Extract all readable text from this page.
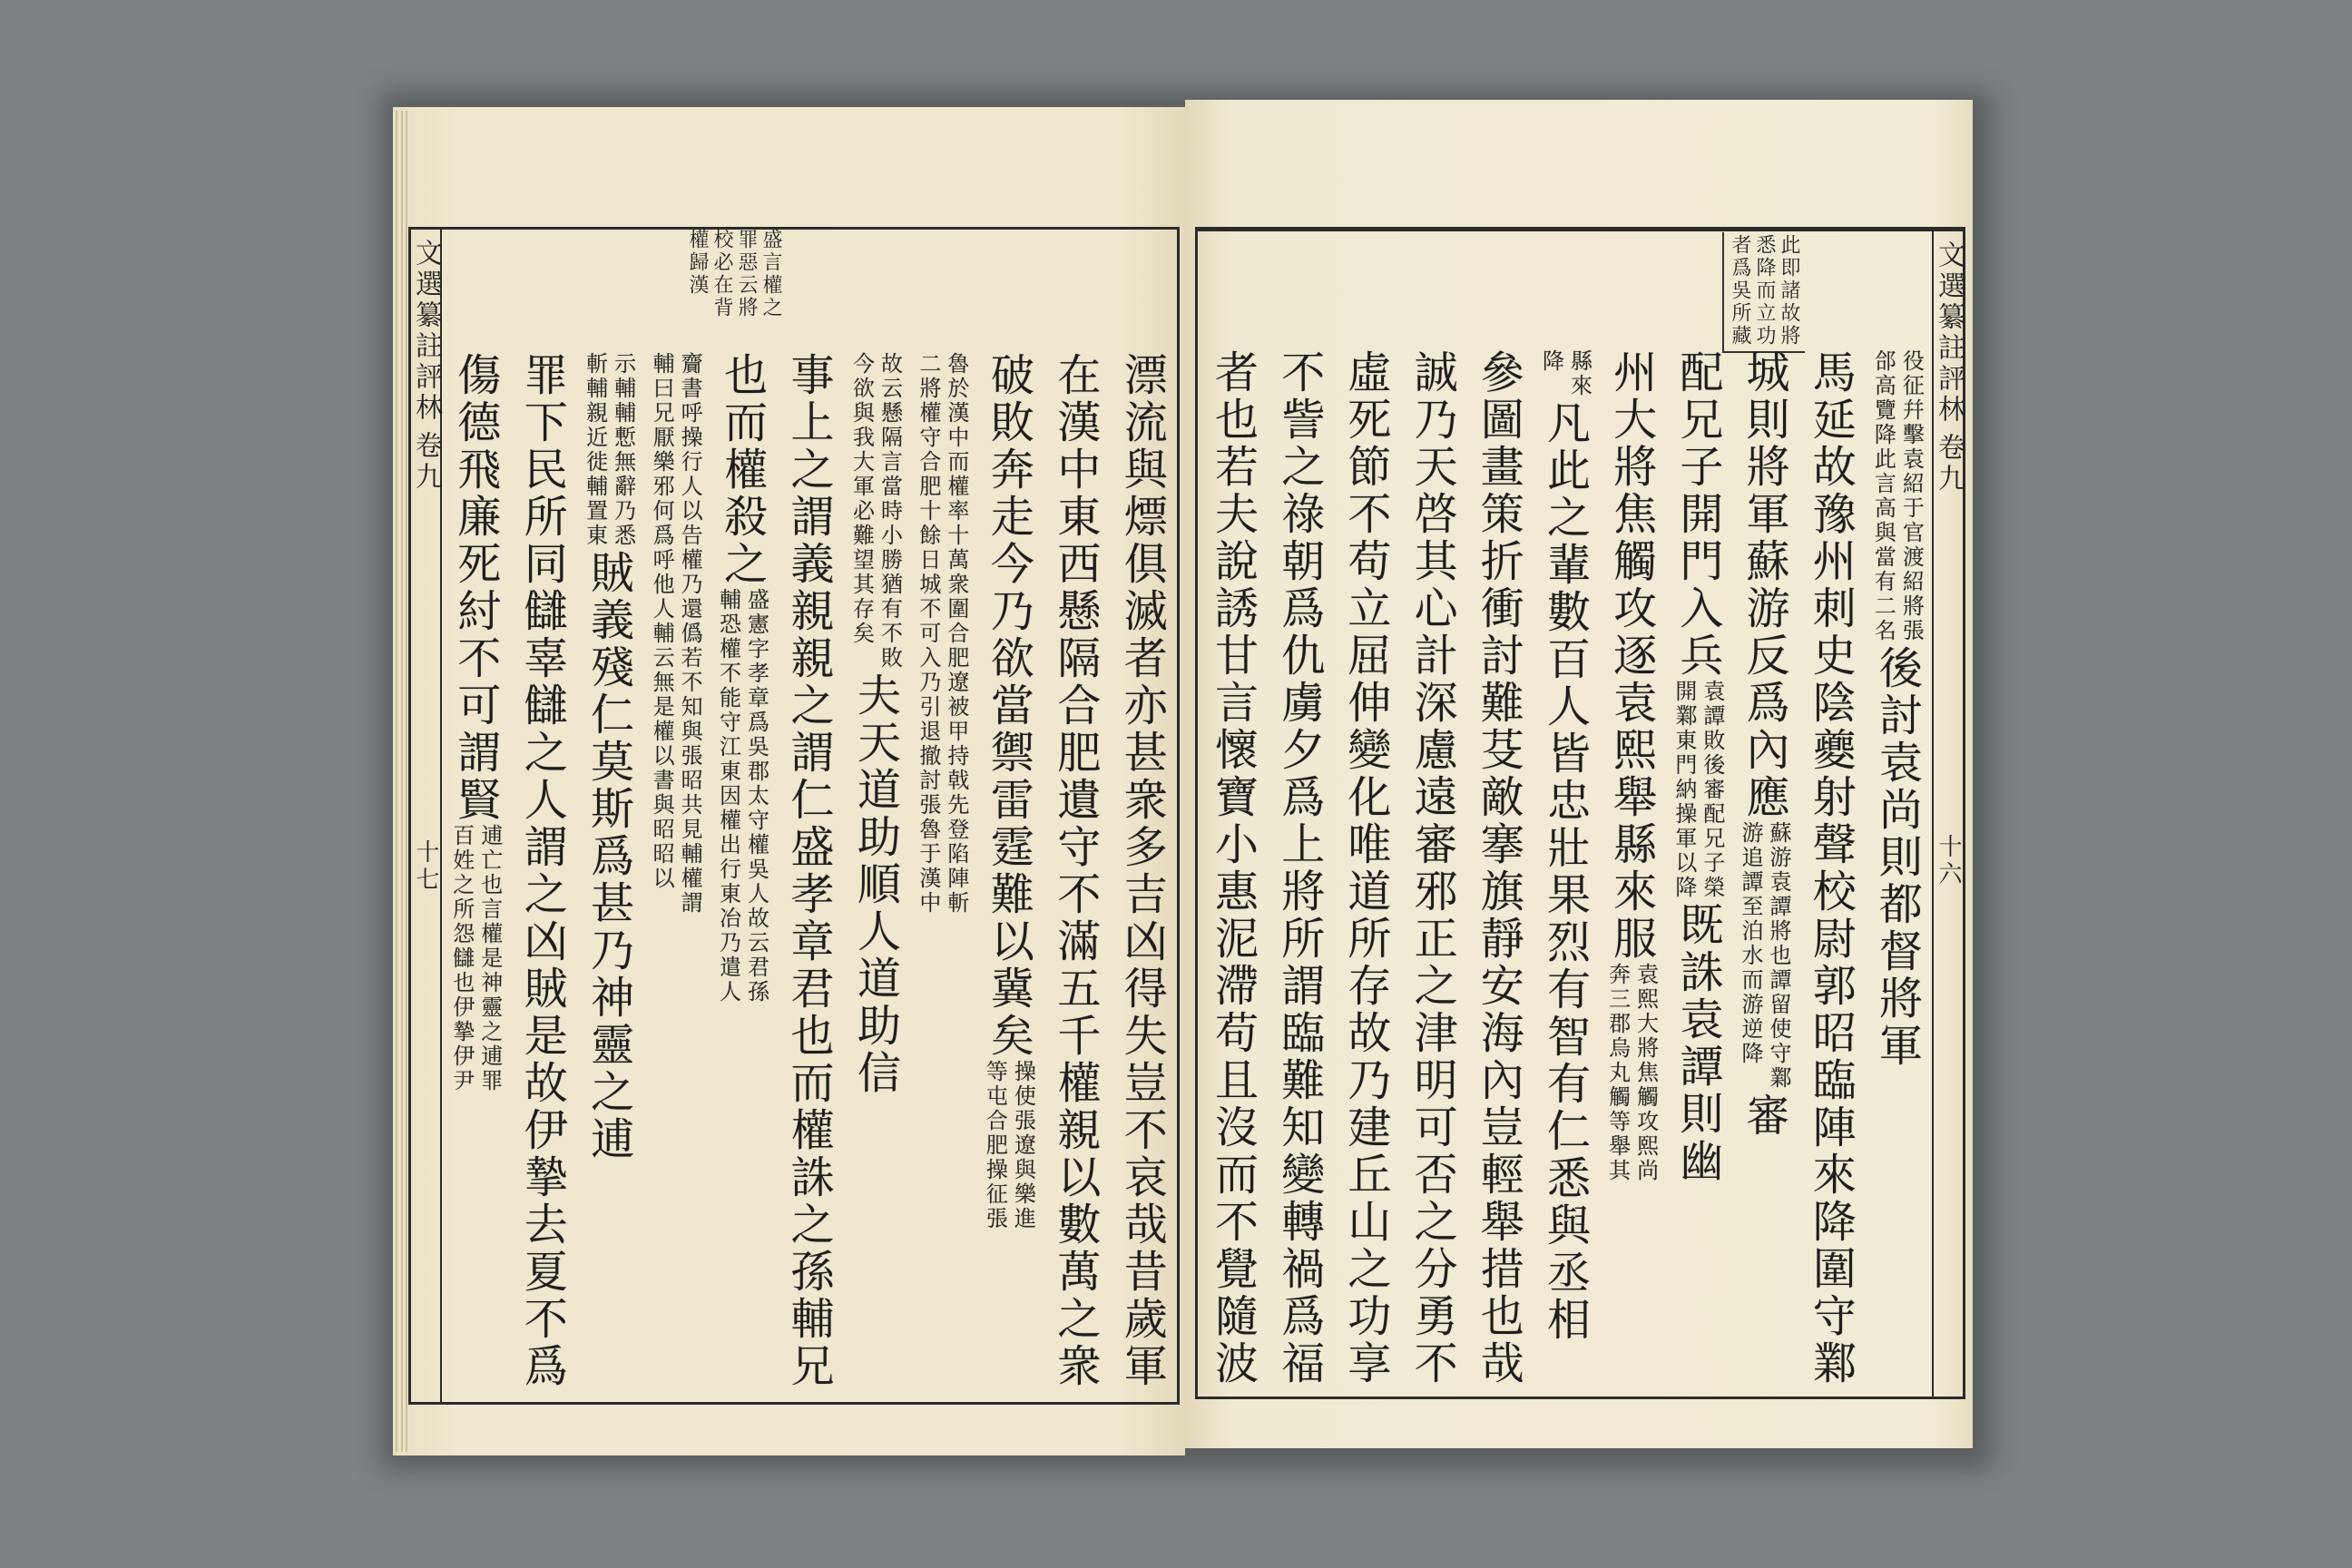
盛言權之罪惡云將校必在背權歸漢
文選纂註評林
卷九
十七	漂流與熛俱滅者亦甚衆多吉凶得失豈不哀哉昔歲軍
在漢中東西懸隔合肥遺守不滿五千權親以數萬之衆
破敗奔走今乃欲當禦雷霆難以冀矣
操使張遼與樂進等屯合肥操征張
魯於漢中而權率十萬衆圍合肥遼被甲持戟先登陷陣斬二將權守合肥十餘日城不可入乃引退撤討張魯于漢中
故云懸隔言當時小勝猶有不敗今欲與我大軍必難望其存矣
夫天道助順人道助信
事上之謂義親親之謂仁盛孝章君也而權誅之孫輔兄
也而權殺之
盛憲字孝章爲吳郡太守權吳人故云君孫輔恐權不能守江東因權出行東冶乃遣人
齎書呼操行人以告權乃還僞若不知與張昭共見輔權謂輔曰兄厭樂邪何爲呼他人輔云無是權以書與昭昭以
示輔輔慙無辭乃悉斬輔親近徙輔置東
賊義殘仁莫斯爲甚乃神靈之逋
罪下民所同讎辜讎之人謂之凶賊是故伊摯去夏不爲
傷德飛廉死紂不可謂賢
逋亡也言權是神靈之逋罪百姓之所怨讎也伊摯伊尹
此即諸故將悉降而立功者爲吳所藏	文選纂註評林
卷九
十六
役征幷擊袁紹于官渡紹將張郃高覽降此言高與當有二名
後討袁尚則都督將軍
馬延故豫州刺史陰夔射聲校尉郭昭臨陣來降圍守鄴
城則將軍蘇游反爲內應
蘇游袁譚將也譚留使守鄴游追譚至泊水而游逆降
審
配兄子開門入兵
袁譚敗後審配兄子榮開鄴東門納操軍以降
既誅袁譚則幽
州大將焦觸攻逐袁熙舉縣來服
袁熙大將焦觸攻熙尚奔三郡烏丸觸等舉其
縣來降
凡此之輩數百人皆忠壯果烈有智有仁悉與丞相
參圖畫策折衝討難芟敵搴旗靜安海內豈輕舉措也哉
誠乃天啓其心計深慮遠審邪正之津明可否之分勇不
虛死節不苟立屈伸變化唯道所存故乃建丘山之功享
不訾之祿朝爲仇虜夕爲上將所謂臨難知變轉禍爲福
者也若夫說誘甘言懷寶小惠泥滯苟且沒而不覺隨波
